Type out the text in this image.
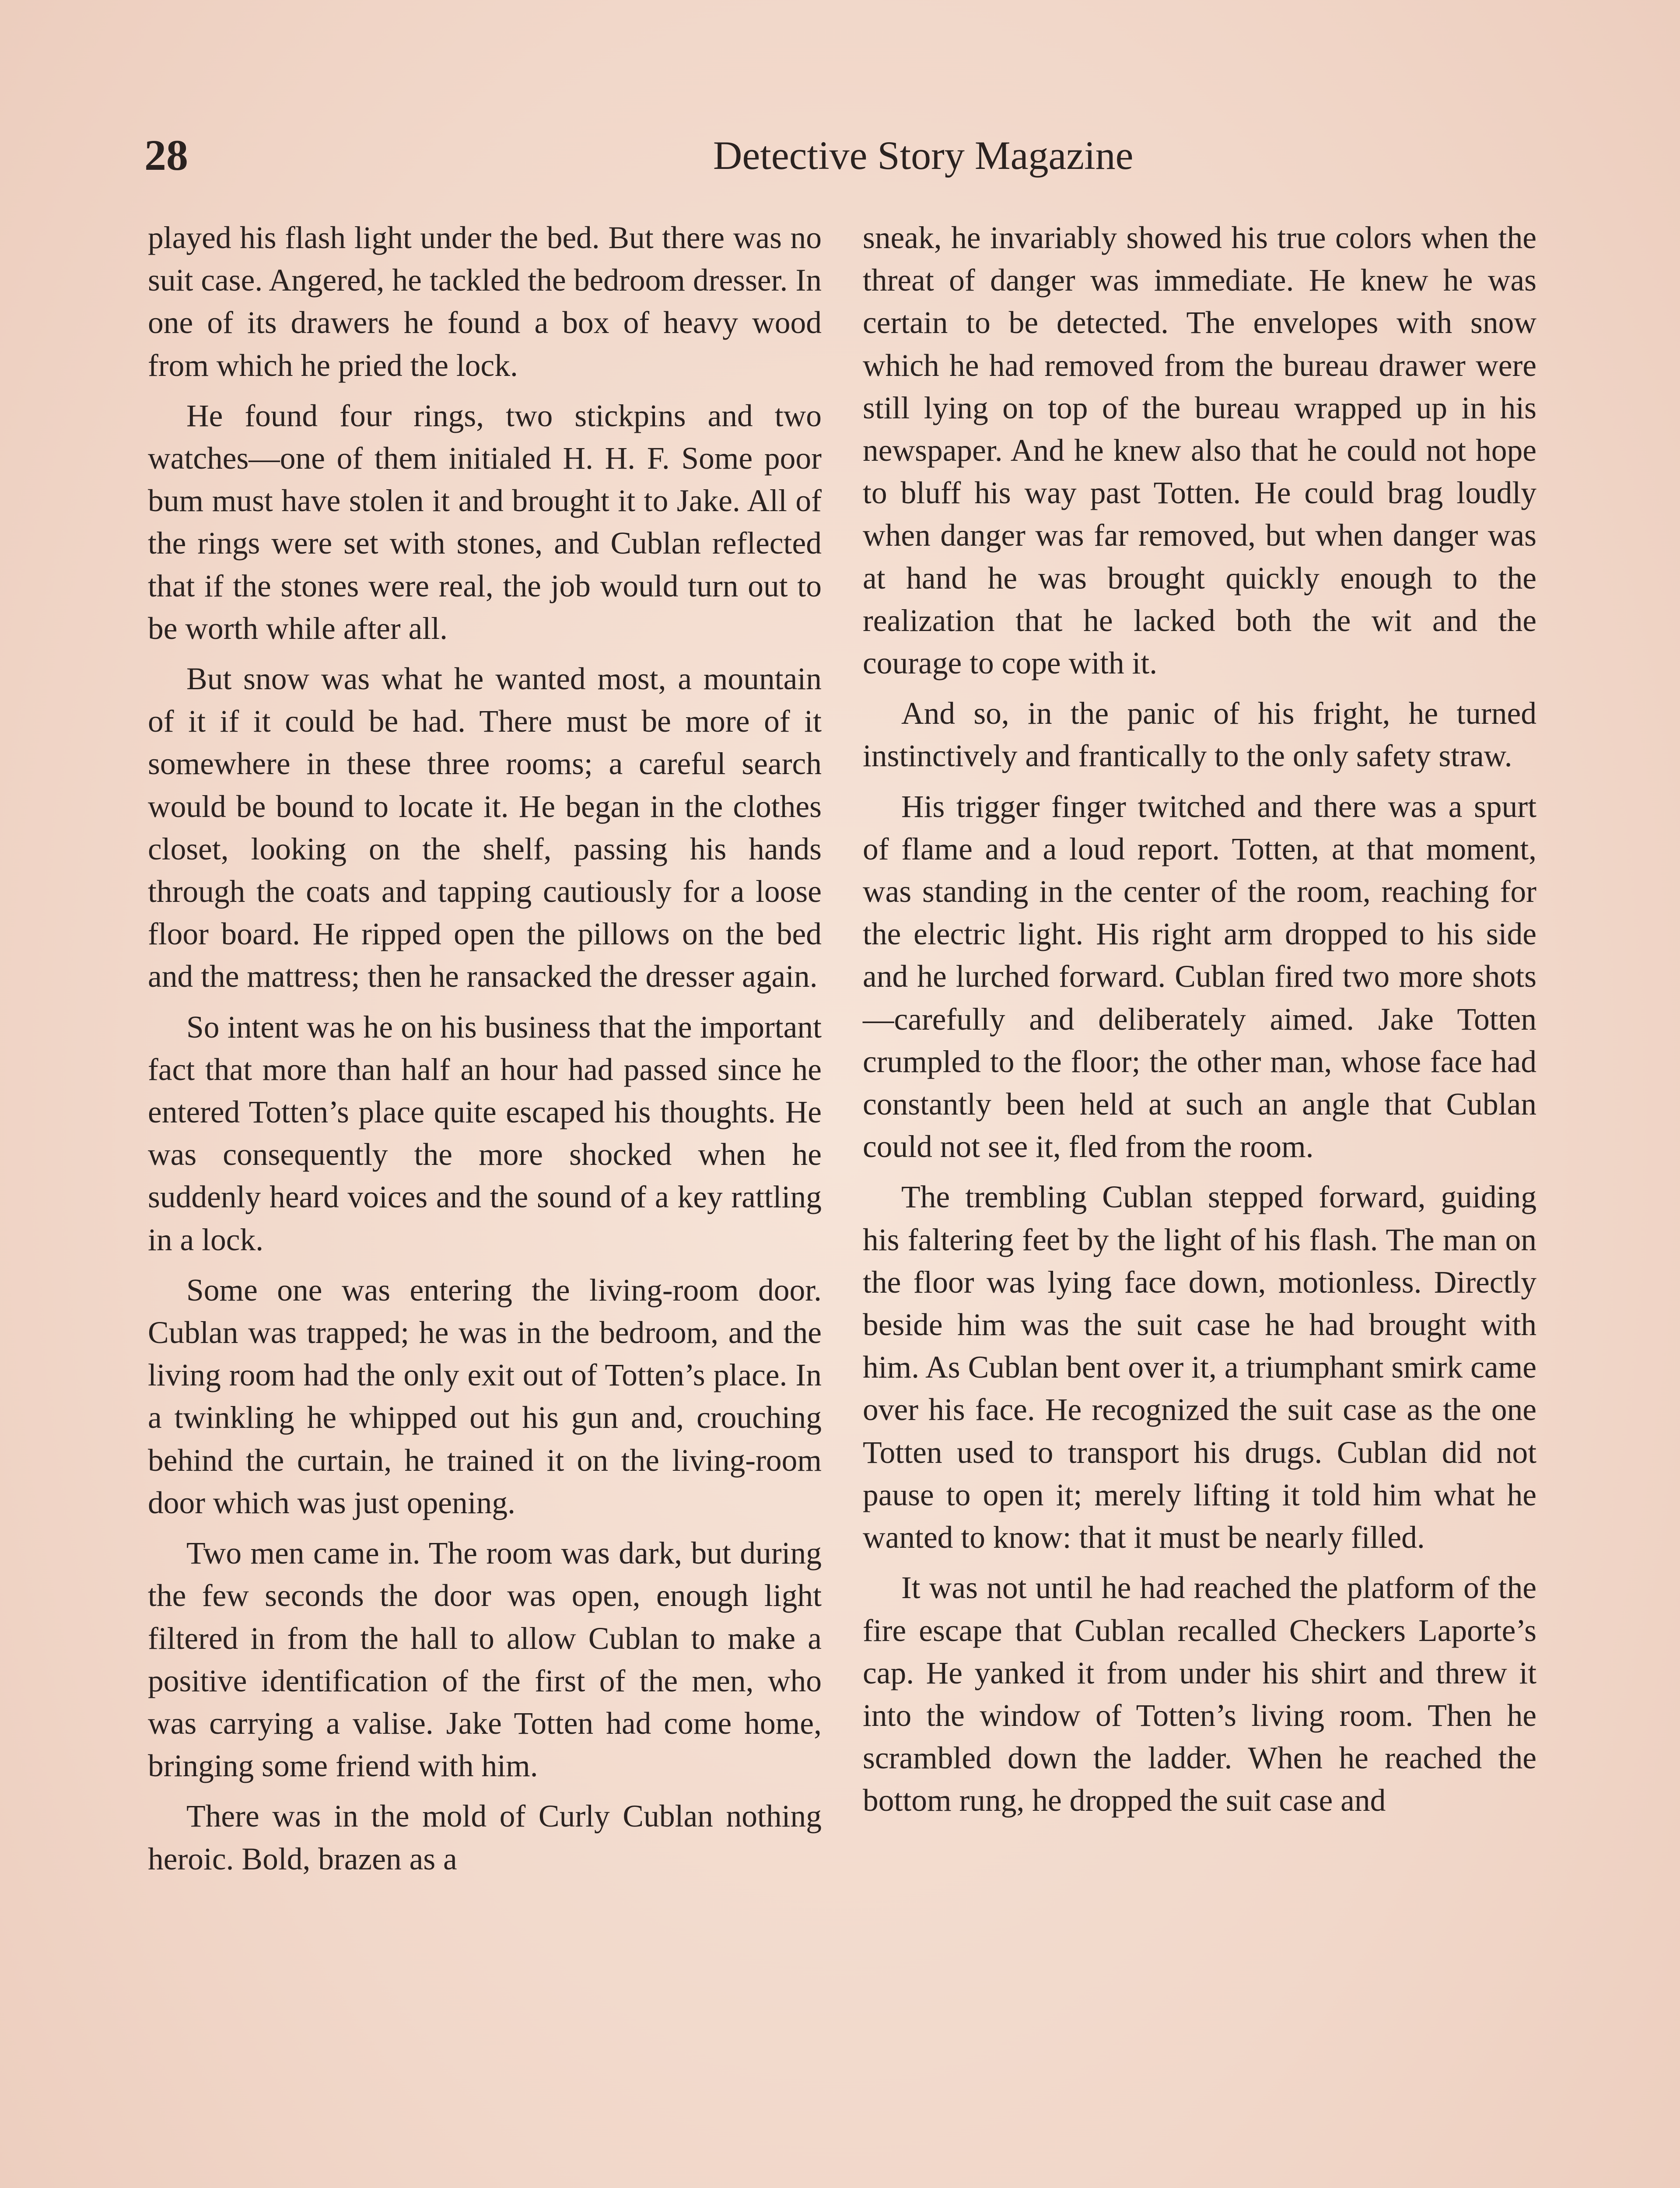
28	Detective Story Magazine

played his flash light under the bed. But there was no suit case. Angered, he tackled the bedroom dresser. In one of its drawers he found a box of heavy wood from which he pried the lock.

He found four rings, two stickpins and two watches—one of them initialed H. H. F. Some poor bum must have stolen it and brought it to Jake. All of the rings were set with stones, and Cublan reflected that if the stones were real, the job would turn out to be worth while after all.

But snow was what he wanted most, a mountain of it if it could be had. There must be more of it somewhere in these three rooms; a careful search would be bound to locate it. He began in the clothes closet, looking on the shelf, passing his hands through the coats and tapping cautiously for a loose floor board. He ripped open the pillows on the bed and the mattress; then he ransacked the dresser again.

So intent was he on his business that the important fact that more than half an hour had passed since he entered Totten’s place quite escaped his thoughts. He was consequently the more shocked when he suddenly heard voices and the sound of a key rattling in a lock.

Some one was entering the living-room door. Cublan was trapped; he was in the bedroom, and the living room had the only exit out of Totten’s place. In a twinkling he whipped out his gun and, crouching behind the curtain, he trained it on the living-room door which was just opening.

Two men came in. The room was dark, but during the few seconds the door was open, enough light filtered in from the hall to allow Cublan to make a positive identification of the first of the men, who was carrying a valise. Jake Totten had come home, bringing some friend with him.

There was in the mold of Curly Cublan nothing heroic. Bold, brazen as a

sneak, he invariably showed his true colors when the threat of danger was immediate. He knew he was certain to be detected. The envelopes with snow which he had removed from the bureau drawer were still lying on top of the bureau wrapped up in his newspaper. And he knew also that he could not hope to bluff his way past Totten. He could brag loudly when danger was far removed, but when danger was at hand he was brought quickly enough to the realization that he lacked both the wit and the courage to cope with it.

And so, in the panic of his fright, he turned instinctively and frantically to the only safety straw.

His trigger finger twitched and there was a spurt of flame and a loud report. Totten, at that moment, was standing in the center of the room, reaching for the electric light. His right arm dropped to his side and he lurched forward. Cublan fired two more shots—carefully and deliberately aimed. Jake Totten crumpled to the floor; the other man, whose face had constantly been held at such an angle that Cublan could not see it, fled from the room.

The trembling Cublan stepped forward, guiding his faltering feet by the light of his flash. The man on the floor was lying face down, motionless. Directly beside him was the suit case he had brought with him. As Cublan bent over it, a triumphant smirk came over his face. He recognized the suit case as the one Totten used to transport his drugs. Cublan did not pause to open it; merely lifting it told him what he wanted to know: that it must be nearly filled.

It was not until he had reached the platform of the fire escape that Cublan recalled Checkers Laporte’s cap. He yanked it from under his shirt and threw it into the window of Totten’s living room. Then he scrambled down the ladder. When he reached the bottom rung, he dropped the suit case and
